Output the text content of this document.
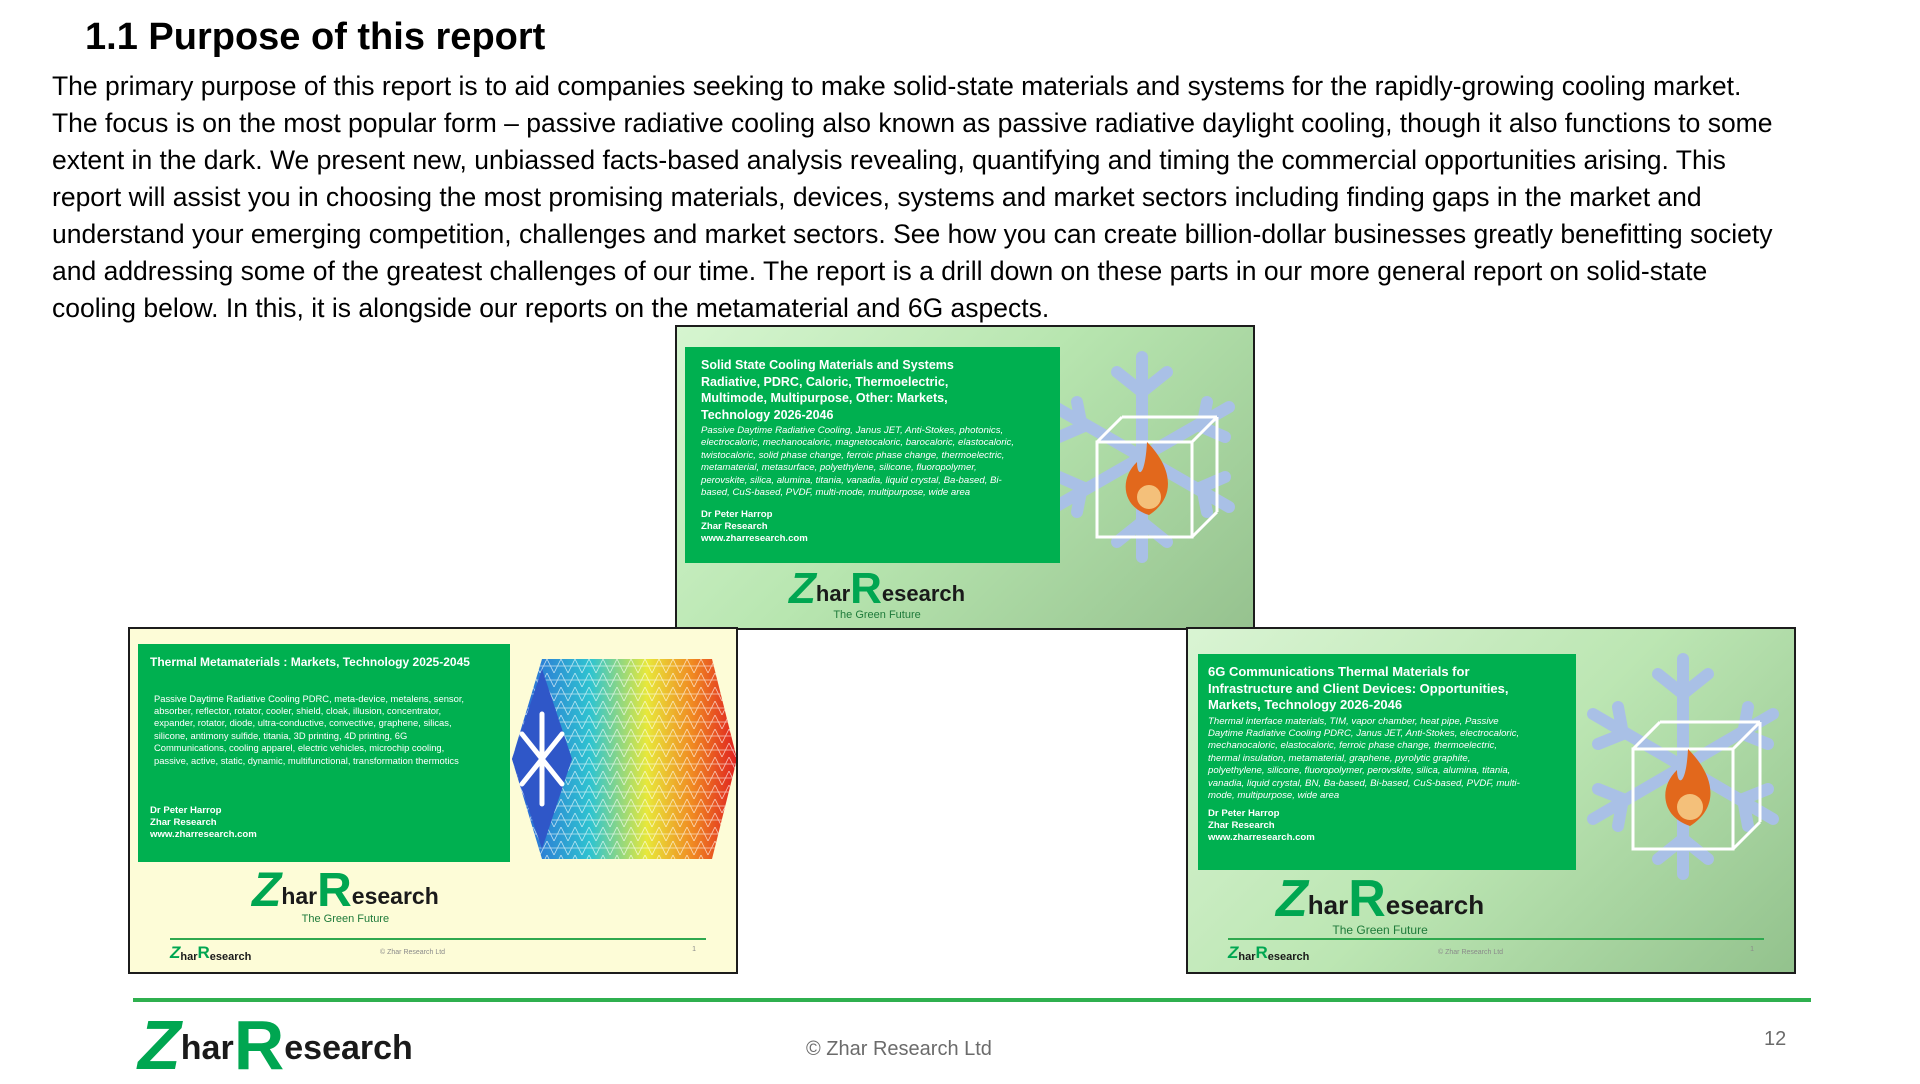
1.1 Purpose of this report

The primary purpose of this report is to aid companies seeking to make solid-state materials and systems for the rapidly-growing cooling market.
The focus is on the most popular form – passive radiative cooling also known as passive radiative daylight cooling, though it also functions to some
extent in the dark. We present new, unbiassed facts-based analysis revealing, quantifying and timing the commercial opportunities arising. This
report will assist you in choosing the most promising materials, devices, systems and market sectors including finding gaps in the market and
understand your emerging competition, challenges and market sectors. See how you can create billion-dollar businesses greatly benefitting society
and addressing some of the greatest challenges of our time. The report is a drill down on these parts in our more general report on solid-state
cooling below. In this, it is alongside our reports on the metamaterial and 6G aspects.

Solid State Cooling Materials and Systems
Radiative, PDRC, Caloric, Thermoelectric,
Multimode, Multipurpose, Other: Markets,
Technology 2026-2046
Passive Daytime Radiative Cooling, Janus JET, Anti-Stokes, photonics,
electrocaloric, mechanocaloric, magnetocaloric, barocaloric, elastocaloric,
twistocaloric, solid phase change, ferroic phase change, thermoelectric,
metamaterial, metasurface, polyethylene, silicone, fluoropolymer,
perovskite, silica, alumina, titania, vanadia, liquid crystal, Ba-based, Bi-
based, CuS-based, PVDF, multi-mode, multipurpose, wide area
Dr Peter Harrop
Zhar Research
www.zharresearch.com
Z har R esearch
The Green Future
Thermal Metamaterials : Markets, Technology 2025-2045
Passive Daytime Radiative Cooling PDRC, meta-device, metalens, sensor,
absorber, reflector, rotator, cooler, shield, cloak, illusion, concentrator,
expander, rotator, diode, ultra-conductive, convective, graphene, silicas,
silicone, antimony sulfide, titania, 3D printing, 4D printing, 6G
Communications, cooling apparel, electric vehicles, microchip cooling,
passive, active, static, dynamic, multifunctional, transformation thermotics
Dr Peter Harrop
Zhar Research
www.zharresearch.com
Z har R esearch
The Green Future
Z har R esearch	© Zhar Research Ltd	1
6G Communications Thermal Materials for
Infrastructure and Client Devices: Opportunities,
Markets, Technology 2026-2046
Thermal interface materials, TIM, vapor chamber, heat pipe, Passive
Daytime Radiative Cooling PDRC, Janus JET, Anti-Stokes, electrocaloric,
mechanocaloric, elastocaloric, ferroic phase change, thermoelectric,
thermal insulation, metamaterial, graphene, pyrolytic graphite,
polyethylene, silicone, fluoropolymer, perovskite, silica, alumina, titania,
vanadia, liquid crystal, BN, Ba-based, Bi-based, CuS-based, PVDF, multi-
mode, multipurpose, wide area
Dr Peter Harrop
Zhar Research
www.zharresearch.com
Z har R esearch
The Green Future
Z har R esearch	© Zhar Research Ltd	1
Z har R esearch	© Zhar Research Ltd	12
